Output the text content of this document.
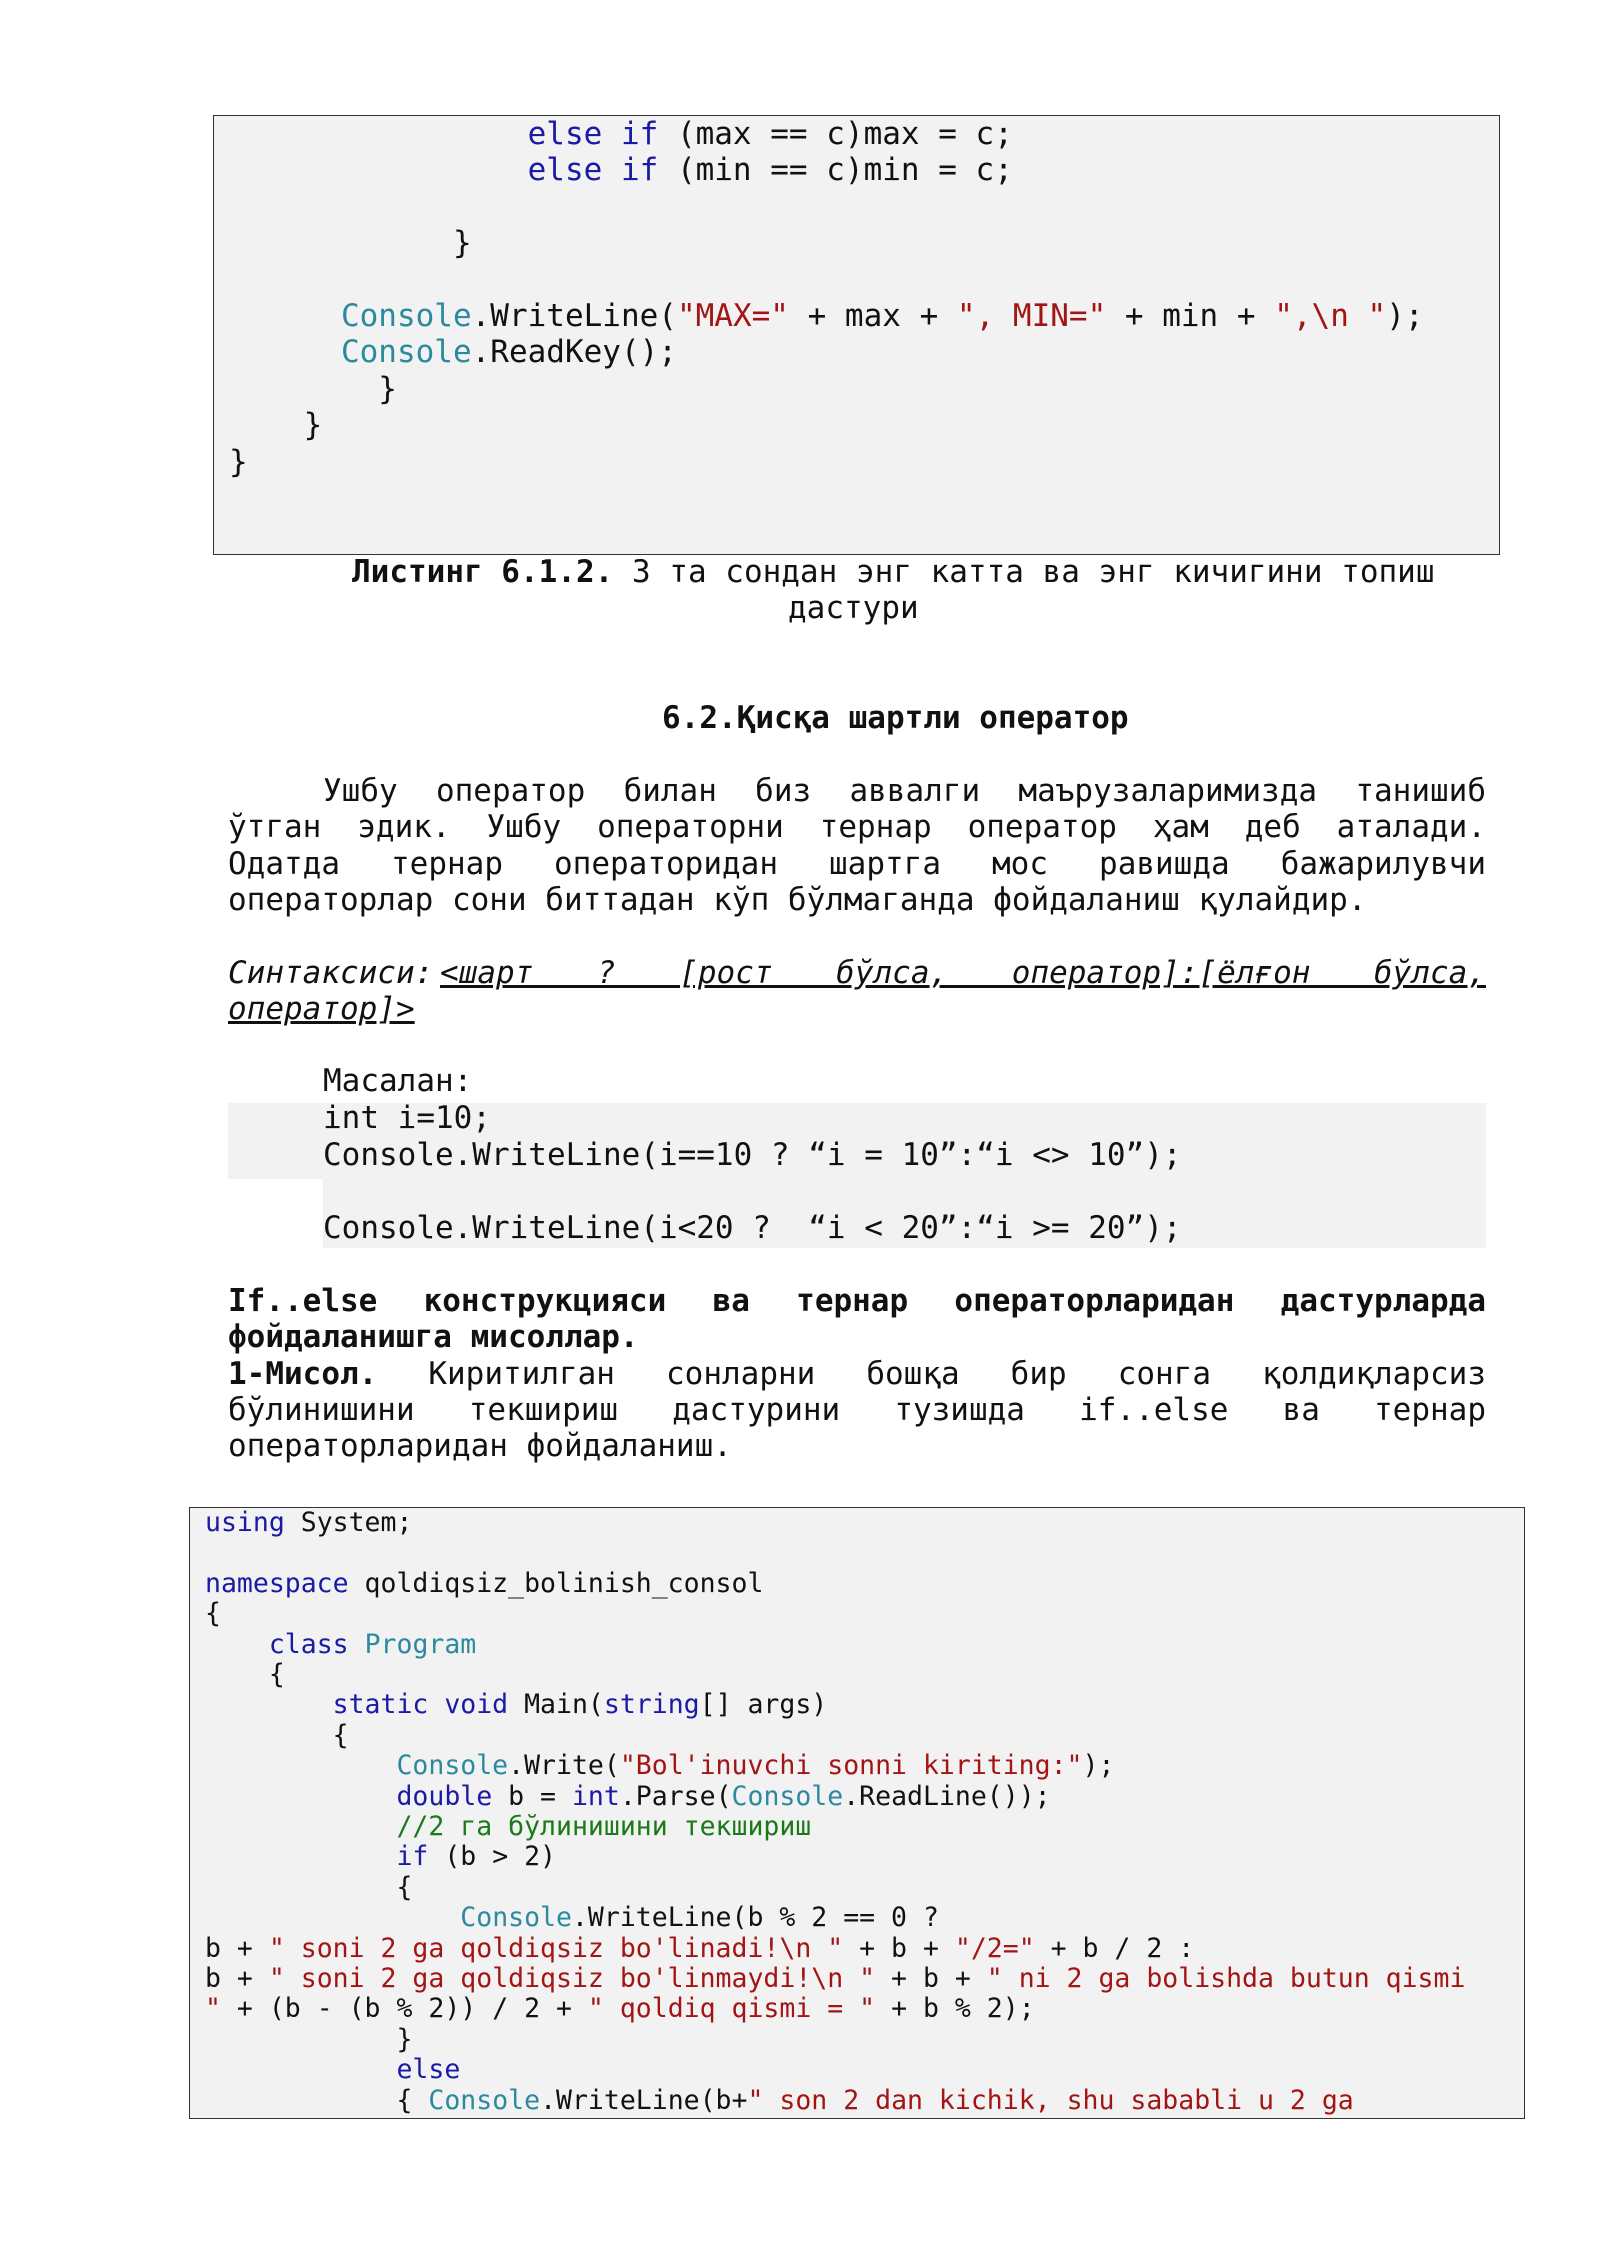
else if (max == c)max = c;
else if (min == c)min = c;
}
Console.WriteLine("MAX=" + max + ", MIN=" + min + ",\n ");
Console.ReadKey();
}
}
}
Листинг 6.1.2. 3 та сондан энг катта ва энг кичигини топиш
дастури
6.2.Қисқа шартли оператор
Ушбу оператор билан биз аввалги маърузаларимизда танишиб
ўтган эдик. Ушбу операторни тернар оператор ҳам деб аталади.
Одатда тернар операторидан шартга мос равишда бажарилувчи
операторлар сони биттадан кўп бўлмаганда фойдаланиш қулайдир.
Синтаксиси: <шарт ? [рост бўлса, оператор]:[ёлғон бўлса,
оператор]>
Масалан:
int i=10;
Console.WriteLine(i==10 ? “i = 10”:“i <> 10”);
Console.WriteLine(i<20 ?  “i < 20”:“i >= 20”);
If..else конструкцияси ва тернар операторларидан дастурларда
фойдаланишга мисоллар.
1-Мисол. Киритилган сонларни бошқа бир сонга қолдиқларсиз
бўлинишини текшириш дастурини тузишда if..else ва тернар
операторларидан фойдаланиш.
using System;
namespace qoldiqsiz_bolinish_consol
{
class Program
{
static void Main(string[] args)
{
Console.Write("Bol'inuvchi sonni kiriting:");
double b = int.Parse(Console.ReadLine());
//2 га бўлинишини текшириш
if (b > 2)
{
Console.WriteLine(b % 2 == 0 ?
b + " soni 2 ga qoldiqsiz bo'linadi!\n " + b + "/2=" + b / 2 :
b + " soni 2 ga qoldiqsiz bo'linmaydi!\n " + b + " ni 2 ga bolishda butun qismi
" + (b - (b % 2)) / 2 + " qoldiq qismi = " + b % 2);
}
else
{ Console.WriteLine(b+" son 2 dan kichik, shu sababli u 2 ga
